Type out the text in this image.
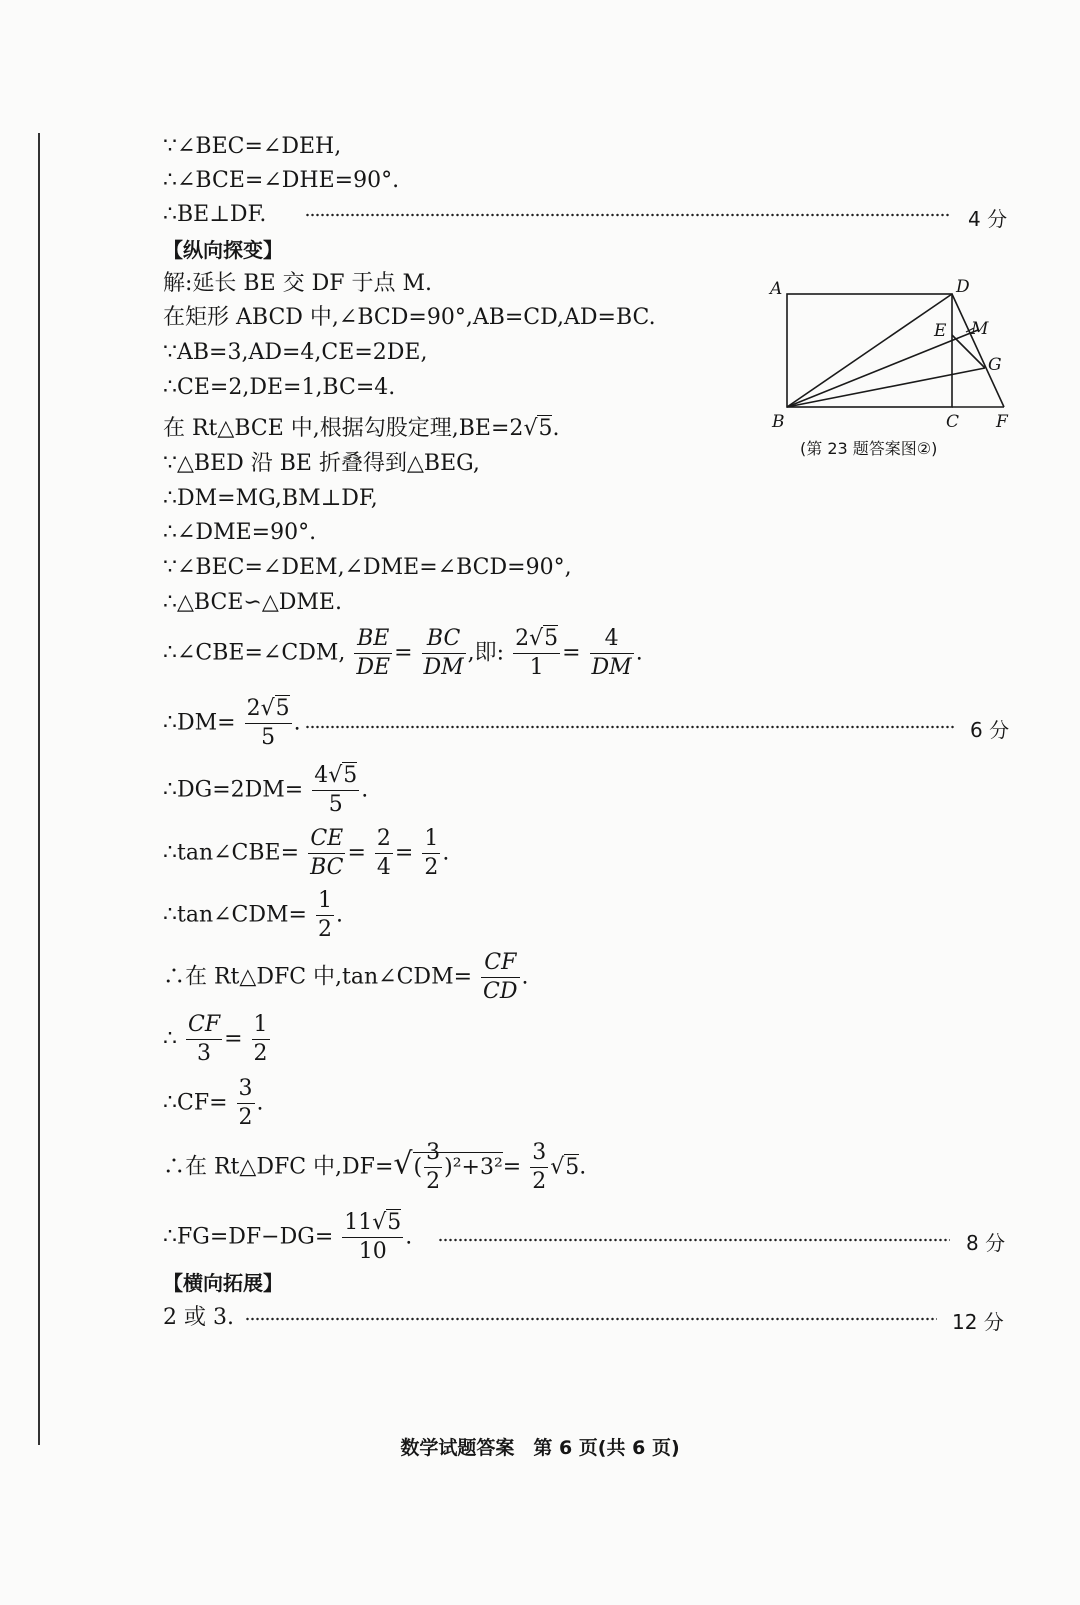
∵∠BEC=∠DEH,
∴∠BCE=∠DHE=90°.
∴BE⊥DF.	4 分
【纵向探变】
解:延长 BE 交 DF 于点 M.
在矩形 ABCD 中,∠BCD=90°,AB=CD,AD=BC.
∵AB=3,AD=4,CE=2DE,
∴CE=2,DE=1,BC=4.
在 Rt△BCE 中,根据勾股定理,BE=2√5.
∵△BED 沿 BE 折叠得到△BEG,
∴DM=MG,BM⊥DF,
∴∠DME=90°.
∵∠BEC=∠DEM,∠DME=∠BCD=90°,
∴△BCE∽△DME.
∴∠CBE=∠CDM, $\frac{BE}{DE} = \frac{BC}{DM}$ ,即: $\frac{2√5}{1} = \frac{4}{DM}$ .
∴DM= $\frac{2√5}{5}$ .	6 分
∴DG=2DM= $\frac{4√5}{5}$ .
∴tan∠CBE= $\frac{CE}{BC} = \frac{2}{4} = \frac{1}{2}$ .
∴tan∠CDM= $\frac{1}{2}$ .
∴在 Rt△DFC 中,tan∠CDM= $\frac{CF}{CD}$ .
∴ $\frac{CF}{3} = \frac{1}{2}$
∴CF= $\frac{3}{2}$ .
∴在 Rt△DFC 中$,DF=√( \frac{3}{2} )^2+3^2= \frac{3}{2} √5$.
∴FG=DF−DG= $\frac{11√5}{10}$ .	8 分
【横向拓展】
2 或 3.	12 分
A	D
E M
G
B	C F
(第 23 题答案图②)
数学试题答案　第 6 页(共 6 页)
